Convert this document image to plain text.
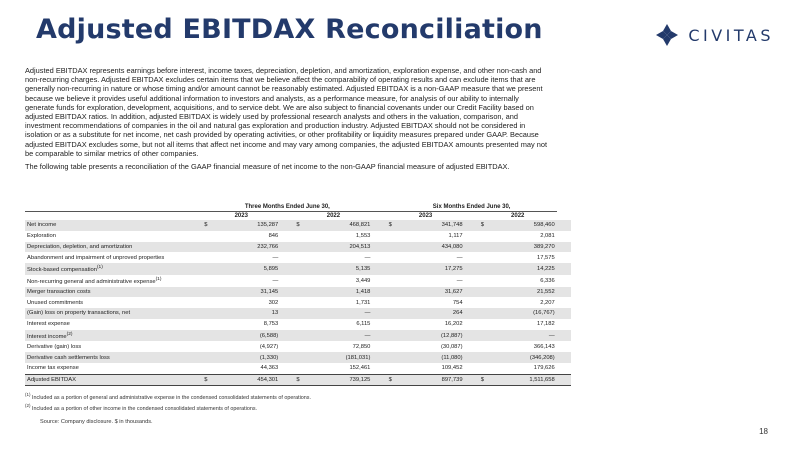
Adjusted EBITDAX Reconciliation	CIVITAS

Adjusted EBITDAX represents earnings before interest, income taxes, depreciation, depletion, and amortization, exploration expense, and other non-cash and non-recurring charges. Adjusted EBITDAX excludes certain items that we believe affect the comparability of operating results and can exclude items that are generally non-recurring in nature or whose timing and/or amount cannot be reasonably estimated. Adjusted EBITDAX is a non-GAAP measure that we present because we believe it provides useful additional information to investors and analysts, as a performance measure, for analysis of our ability to internally generate funds for exploration, development, acquisitions, and to service debt. We are also subject to financial covenants under our Credit Facility based on adjusted EBITDAX ratios. In addition, adjusted EBITDAX is widely used by professional research analysts and others in the valuation, comparison, and investment recommendations of companies in the oil and natural gas exploration and production industry. Adjusted EBITDAX should not be considered in isolation or as a substitute for net income, net cash provided by operating activities, or other profitability or liquidity measures prepared under GAAP. Because adjusted EBITDAX excludes some, but not all items that affect net income and may vary among companies, the adjusted EBITDAX amounts presented may not be comparable to similar metrics of other companies.

The following table presents a reconciliation of the GAAP financial measure of net income to the non-GAAP financial measure of adjusted EBITDAX.

	Three Months Ended June 30,						Six Months Ended June 30,					
	2023			2022			2023			2022		
Net income	$	135,287		$	468,821		$	341,748		$	598,460	
Exploration		846			1,553			1,117			2,081	
Depreciation, depletion, and amortization		232,766			204,513			434,080			389,270	
Abandonment and impairment of unproved properties		—			—			—			17,575	
Stock-based compensation$^{(1)}$		5,895			5,135			17,275			14,225	
Non-recurring general and administrative expense$^{(1)}$		—			3,449			—			6,336	
Merger transaction costs		31,145			1,418			31,627			21,552	
Unused commitments		302			1,731			754			2,207	
(Gain) loss on property transactions, net		13			—			264			(16,767)	
Interest expense		8,753			6,115			16,202			17,182	
Interest income$^{(2)}$		(6,588)			—			(12,887)			—	
Derivative (gain) loss		(4,927)			72,850			(30,087)			366,143	
Derivative cash settlements loss		(1,330)			(181,031)			(11,080)			(346,208)	
Income tax expense		44,363			152,461			109,452			179,626	
Adjusted EBITDAX	$	454,301		$	739,125		$	897,739		$	1,511,658	
$^{(1)}$ Included as a portion of general and administrative expense in the condensed consolidated statements of operations.
$^{(2)}$ Included as a portion of other income in the condensed consolidated statements of operations.
Source: Company disclosure. $ in thousands.
18
